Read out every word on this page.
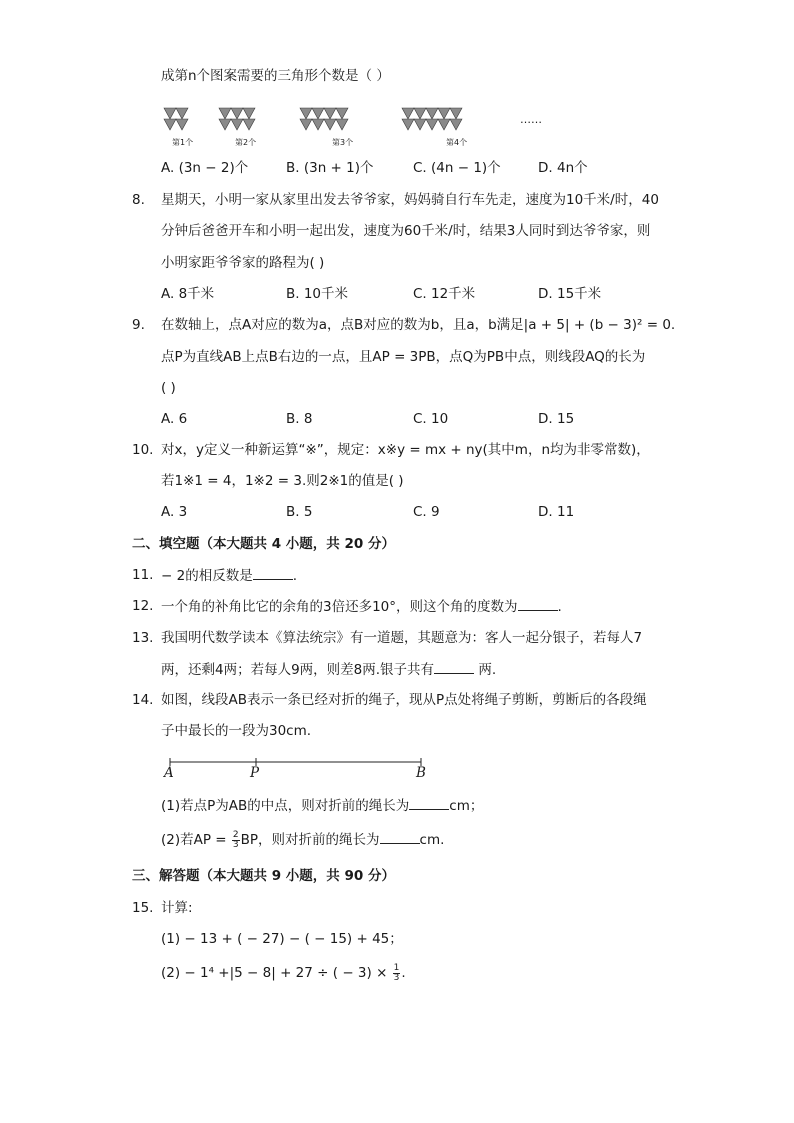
成第n个图案需要的三角形个数是（ ）
第1个	第2个	第3个	第4个
……
A. (3n − 2)个	B. (3n + 1)个	C. (4n − 1)个	D. 4n个
8. 星期天，小明一家从家里出发去爷爷家，妈妈骑自行车先走，速度为10千米/时，40
分钟后爸爸开车和小明一起出发，速度为60千米/时，结果3人同时到达爷爷家，则
小明家距爷爷家的路程为( )
A. 8千米	B. 10千米	C. 12千米	D. 15千米
9. 在数轴上，点A对应的数为a，点B对应的数为b，且a，b满足|a + 5| + (b − 3)² = 0.
点P为直线AB上点B右边的一点，且AP = 3PB，点Q为PB中点，则线段AQ的长为
( )
A. 6	B. 8	C. 10	D. 15
10. 对x，y定义一种新运算“※”，规定：x※y = mx + ny(其中m，n均为非零常数)，
若1※1 = 4，1※2 = 3.则2※1的值是( )
A. 3	B. 5	C. 9	D. 11
二、填空题（本大题共 4 小题，共 20 分）
11. − 2的相反数是	.
12. 一个角的补角比它的余角的3倍还多10°，则这个角的度数为	.
13. 我国明代数学读本《算法统宗》有一道题，其题意为：客人一起分银子，若每人7
两，还剩4两；若每人9两，则差8两.银子共有	两.
14. 如图，线段AB表示一条已经对折的绳子，现从P点处将绳子剪断，剪断后的各段绳
子中最长的一段为30cm.
A	P	B
(1)若点P为AB的中点，则对折前的绳长为	cm；
(2)若AP = $\frac{2}{3}$ BP，则对折前的绳长为	cm.
三、解答题（本大题共 9 小题，共 90 分）
15. 计算:
(1) − 13 + ( − 27) − ( − 15) + 45；
(2) − 1⁴ +|5 − 8| + 27 ÷ ( − $3) \times \frac{1}{3}$ .
